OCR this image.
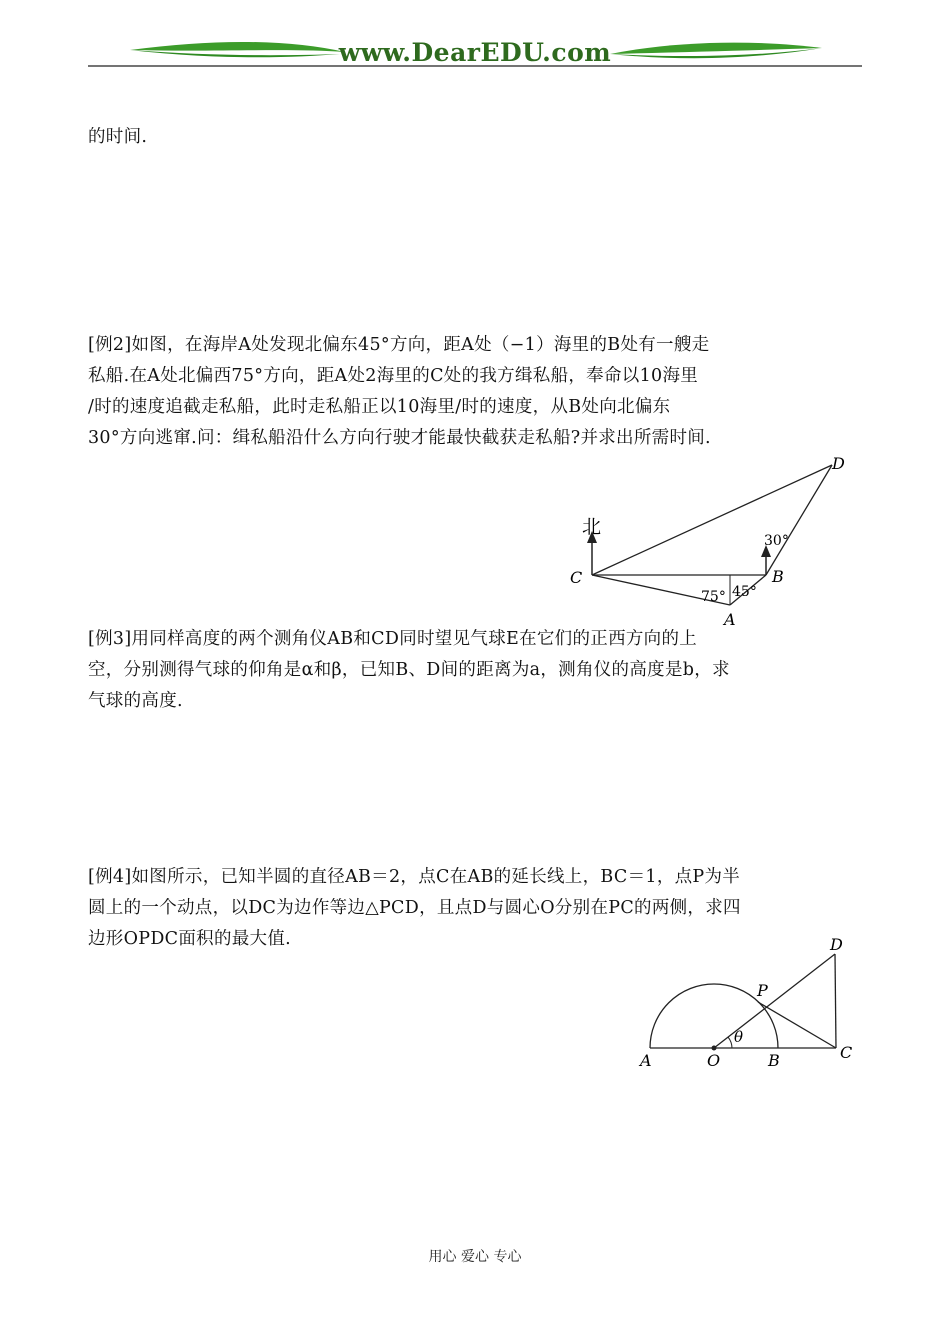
www.DearEDU.com
的时间.
[例2]如图，在海岸A处发现北偏东45°方向，距A处（−1）海里的B处有一艘走
私船.在A处北偏西75°方向，距A处2海里的C处的我方缉私船，奉命以10海里
/时的速度追截走私船，此时走私船正以10海里/时的速度，从B处向北偏东
30°方向逃窜.问：缉私船沿什么方向行驶才能最快截获走私船?并求出所需时间.
北
C	B
A
D
75° 45°
30°
[例3]用同样高度的两个测角仪AB和CD同时望见气球E在它们的正西方向的上
空，分别测得气球的仰角是α和β，已知B、D间的距离为a，测角仪的高度是b，求
气球的高度.
[例4]如图所示，已知半圆的直径AB＝2，点C在AB的延长线上，BC＝1，点P为半
圆上的一个动点，以DC为边作等边△PCD，且点D与圆心O分别在PC的两侧，求四
边形OPDC面积的最大值.
A	O	B	C
P
D
θ
用心 爱心 专心
